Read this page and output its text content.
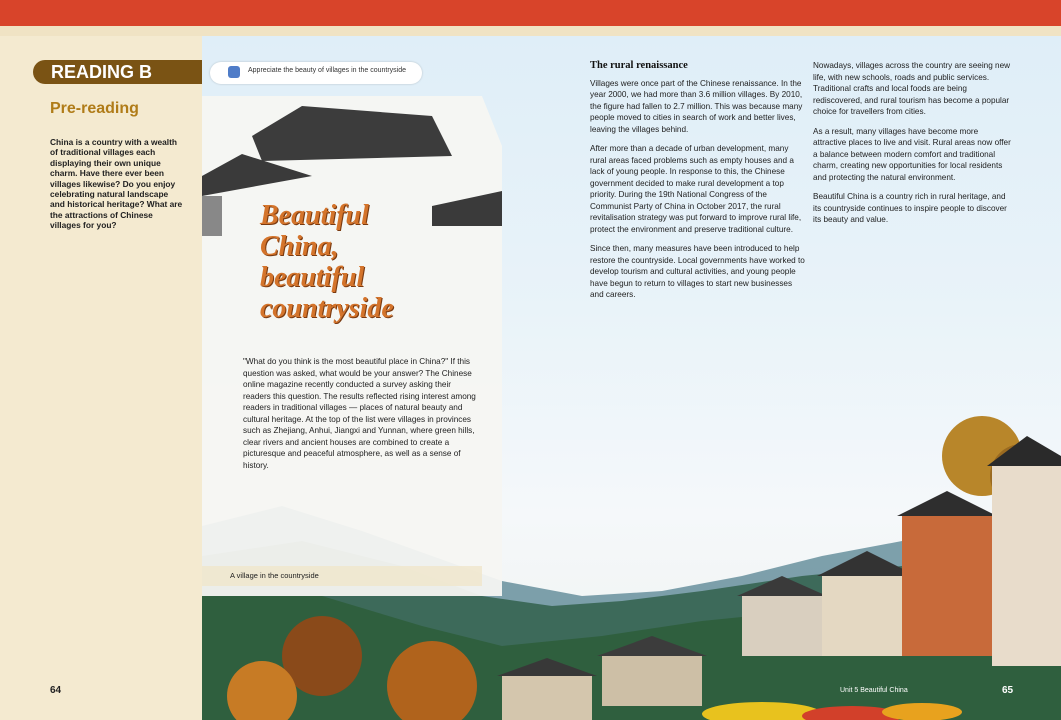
READING B
Pre-reading
China is a country with a wealth of traditional villages each displaying their own unique charm. Have there ever been villages likewise? Do you enjoy celebrating natural landscape and historical heritage? What are the attractions of Chinese villages for you?
64
Appreciate the beauty of villages in the countryside
Beautiful
China,
beautiful
countryside
"What do you think is the most beautiful place in China?" If this question was asked, what would be your answer? The Chinese online magazine recently conducted a survey asking their readers this question. The results reflected rising interest among readers in traditional villages — places of natural beauty and cultural heritage. At the top of the list were villages in provinces such as Zhejiang, Anhui, Jiangxi and Yunnan, where green hills, clear rivers and ancient houses are combined to create a picturesque and peaceful atmosphere, as well as a sense of history.
A village in the countryside
The rural renaissance

Villages were once part of the Chinese renaissance. In the year 2000, we had more than 3.6 million villages. By 2010, the figure had fallen to 2.7 million. This was because many people moved to cities in search of work and better lives, leaving the villages behind.

After more than a decade of urban development, many rural areas faced problems such as empty houses and a lack of young people. In response to this, the Chinese government decided to make rural development a top priority. During the 19th National Congress of the Communist Party of China in October 2017, the rural revitalisation strategy was put forward to improve rural life, protect the environment and preserve traditional culture.

Since then, many measures have been introduced to help restore the countryside. Local governments have worked to develop tourism and cultural activities, and young people have begun to return to villages to start new businesses and careers.

Nowadays, villages across the country are seeing new life, with new schools, roads and public services. Traditional crafts and local foods are being rediscovered, and rural tourism has become a popular choice for travellers from cities.

As a result, many villages have become more attractive places to live and visit. Rural areas now offer a balance between modern comfort and traditional charm, creating new opportunities for local residents and protecting the natural environment.

Beautiful China is a country rich in rural heritage, and its countryside continues to inspire people to discover its beauty and value.

Unit 5 Beautiful China	65
